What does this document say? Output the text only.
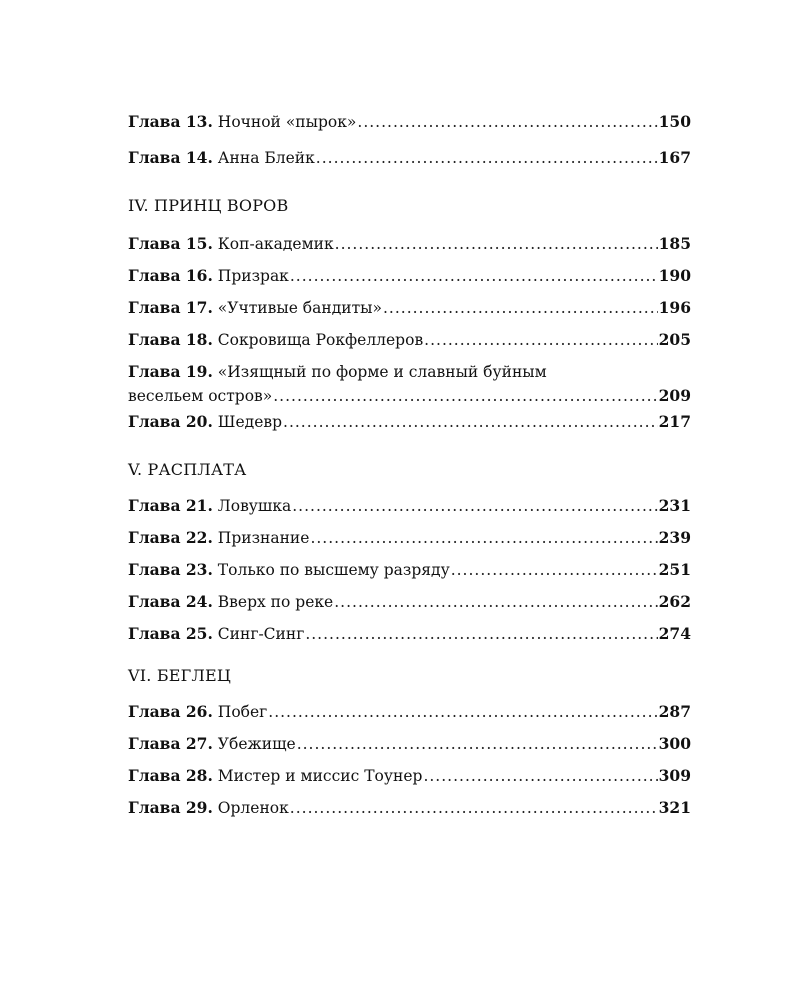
Глава 13. Ночной «пырок» .....	150
Глава 14. Анна Блейк .....	167
IV. ПРИНЦ ВОРОВ
Глава 15. Коп-академик .....	185
Глава 16. Призрак .....	190
Глава 17. «Учтивые бандиты» .....	196
Глава 18. Сокровища Рокфеллеров .....	205
Глава 19. «Изящный по форме и славный буйным
весельем остров» .....	209
Глава 20. Шедевр .....	217
V. РАСПЛАТА
Глава 21. Ловушка .....	231
Глава 22. Признание .....	239
Глава 23. Только по высшему разряду .....	251
Глава 24. Вверх по реке .....	262
Глава 25. Синг-Синг .....	274
VI. БЕГЛЕЦ
Глава 26. Побег .....	287
Глава 27. Убежище .....	300
Глава 28. Мистер и миссис Тоунер .....	309
Глава 29. Орленок .....	321
